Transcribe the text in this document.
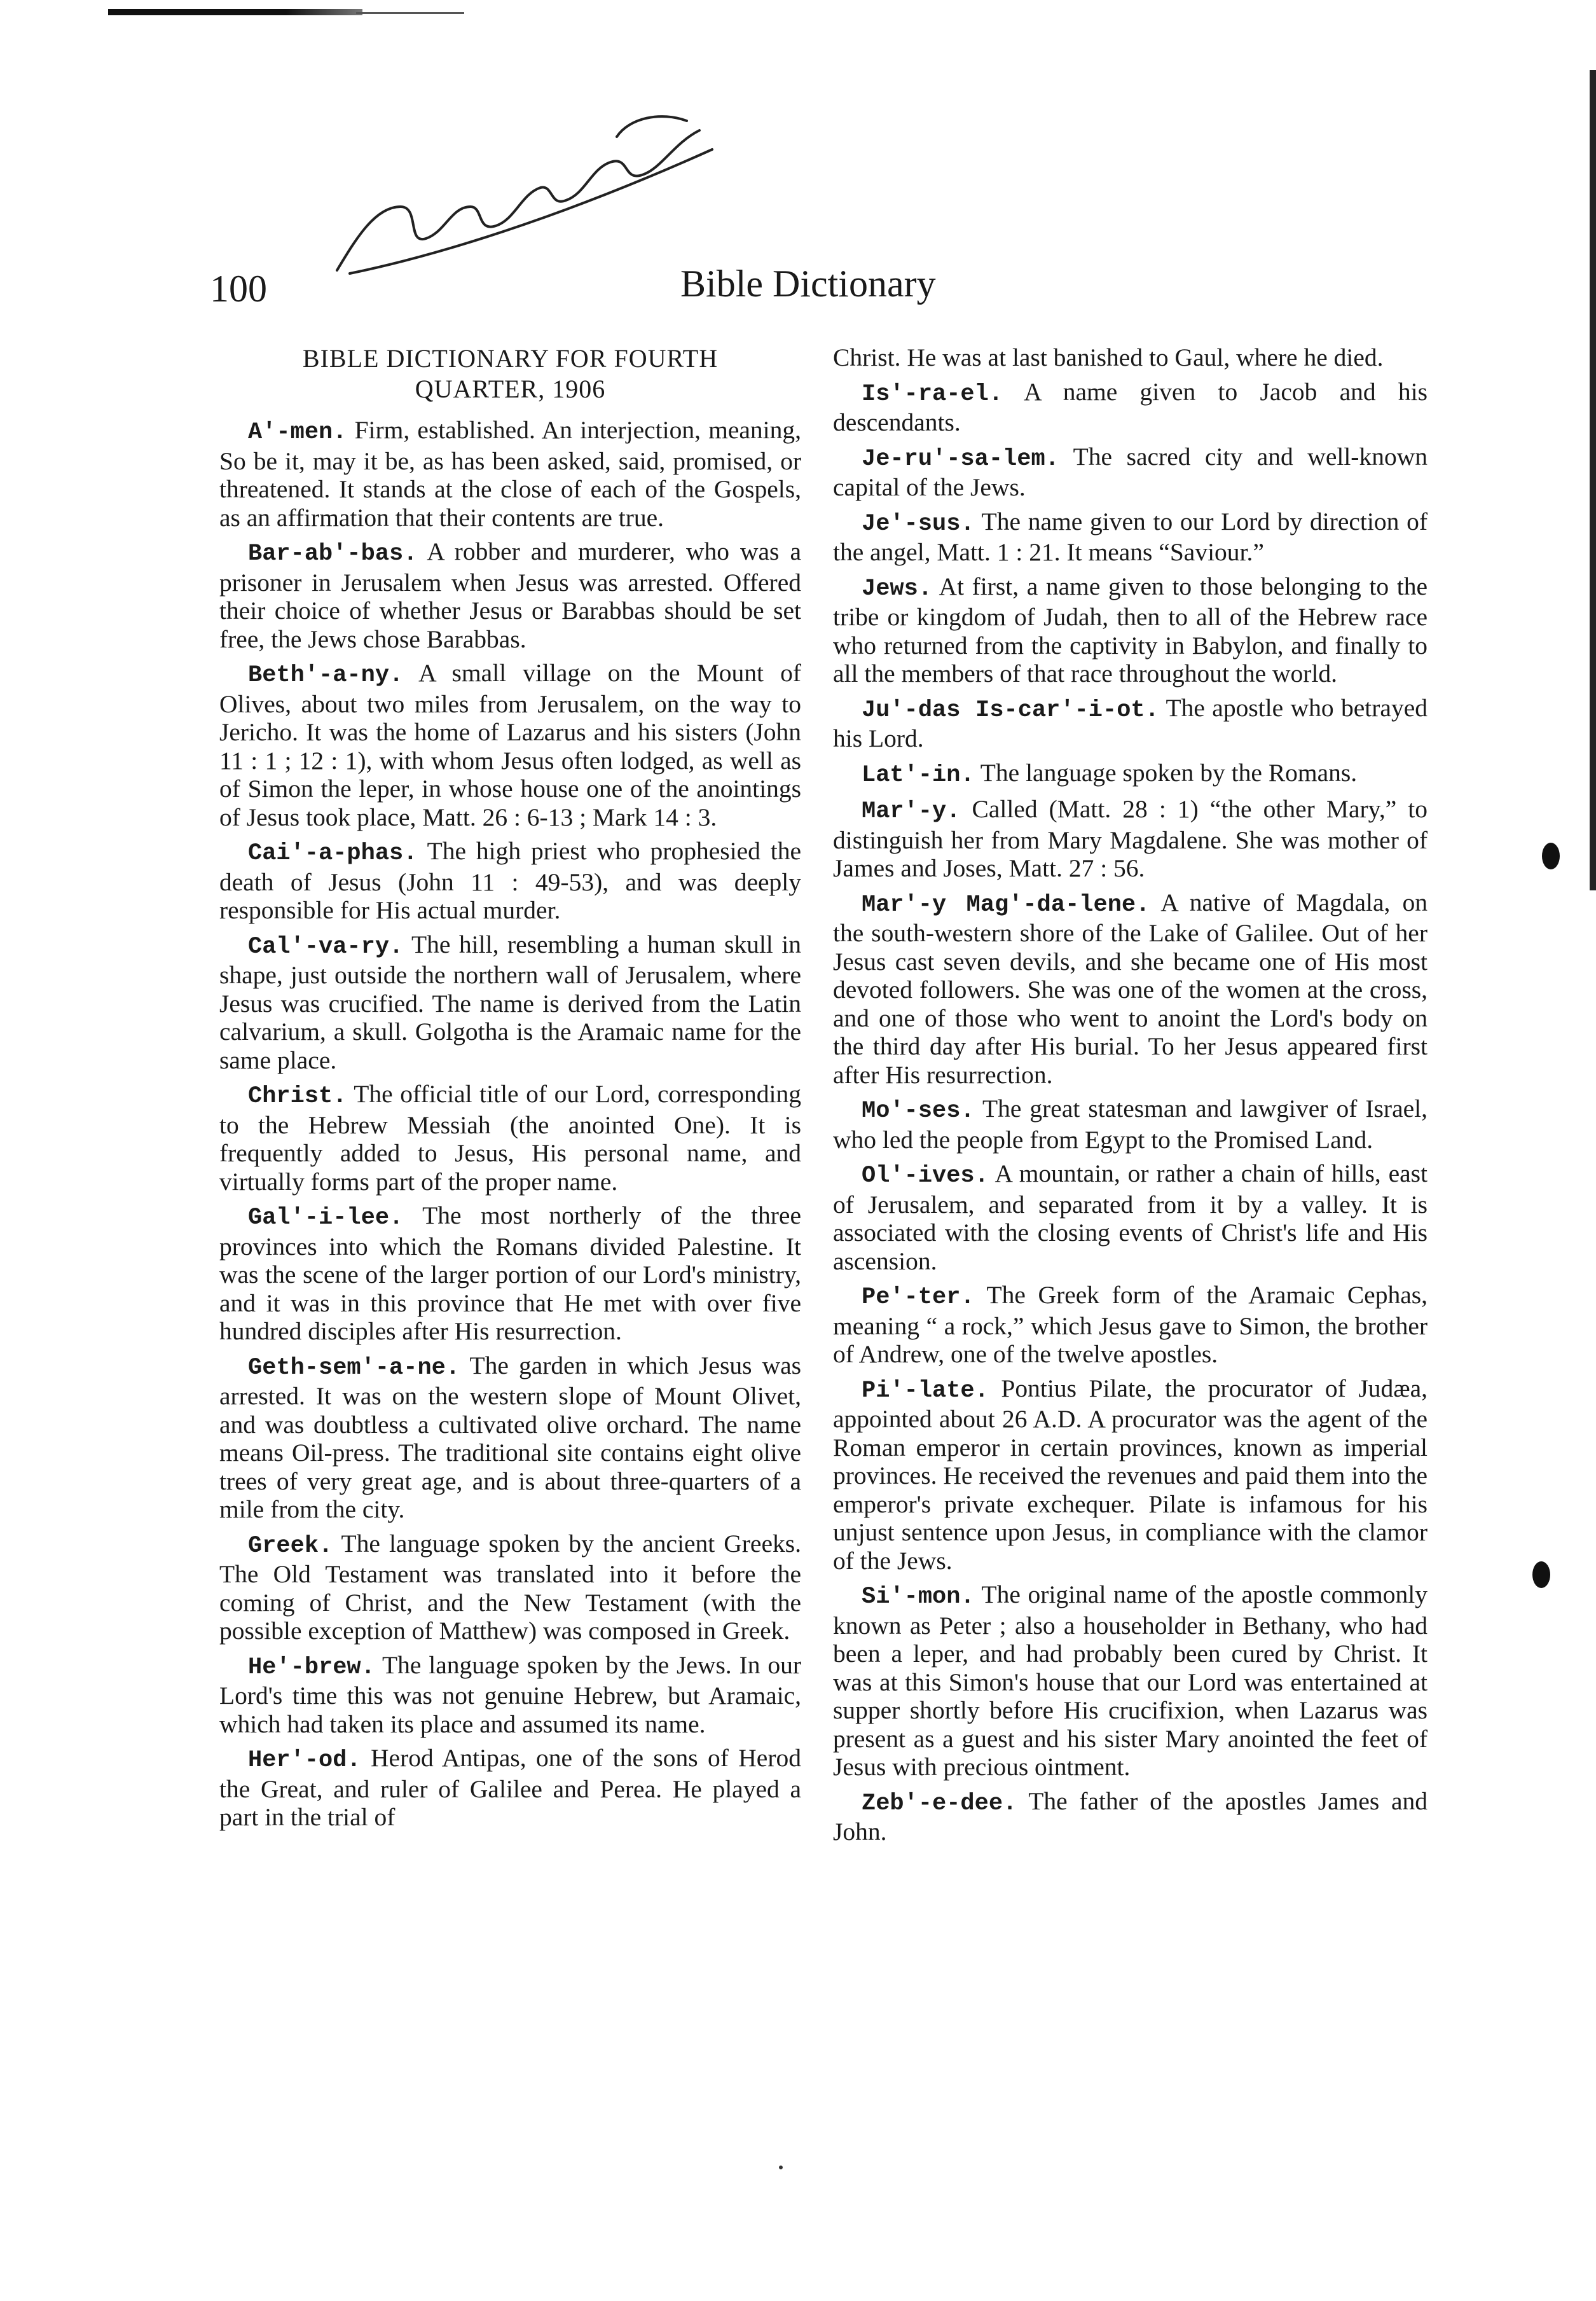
100	Bible Dictionary
BIBLE DICTIONARY FOR FOURTH
QUARTER, 1906

A′-men. Firm, established. An interjection, meaning, So be it, may it be, as has been asked, said, promised, or threatened. It stands at the close of each of the Gospels, as an affirmation that their contents are true.

Bar-ab′-bas. A robber and murderer, who was a prisoner in Jerusalem when Jesus was arrested. Offered their choice of whether Jesus or Barabbas should be set free, the Jews chose Barabbas.

Beth′-a-ny. A small village on the Mount of Olives, about two miles from Jerusalem, on the way to Jericho. It was the home of Lazarus and his sisters (John 11 : 1 ; 12 : 1), with whom Jesus often lodged, as well as of Simon the leper, in whose house one of the anointings of Jesus took place, Matt. 26 : 6-13 ; Mark 14 : 3.

Cai′-a-phas. The high priest who prophesied the death of Jesus (John 11 : 49-53), and was deeply responsible for His actual murder.

Cal′-va-ry. The hill, resembling a human skull in shape, just outside the northern wall of Jerusalem, where Jesus was crucified. The name is derived from the Latin calvarium, a skull. Golgotha is the Aramaic name for the same place.

Christ. The official title of our Lord, corresponding to the Hebrew Messiah (the anointed One). It is frequently added to Jesus, His personal name, and virtually forms part of the proper name.

Gal′-i-lee. The most northerly of the three provinces into which the Romans divided Palestine. It was the scene of the larger portion of our Lord's ministry, and it was in this province that He met with over five hundred disciples after His resurrection.

Geth-sem′-a-ne. The garden in which Jesus was arrested. It was on the western slope of Mount Olivet, and was doubtless a cultivated olive orchard. The name means Oil-press. The traditional site contains eight olive trees of very great age, and is about three-quarters of a mile from the city.

Greek. The language spoken by the ancient Greeks. The Old Testament was translated into it before the coming of Christ, and the New Testament (with the possible exception of Matthew) was composed in Greek.

He′-brew. The language spoken by the Jews. In our Lord's time this was not genuine Hebrew, but Aramaic, which had taken its place and assumed its name.

Her′-od. Herod Antipas, one of the sons of Herod the Great, and ruler of Galilee and Perea. He played a part in the trial of

Christ. He was at last banished to Gaul, where he died.

Is′-ra-el. A name given to Jacob and his descendants.

Je-ru′-sa-lem. The sacred city and well-known capital of the Jews.

Je′-sus. The name given to our Lord by direction of the angel, Matt. 1 : 21. It means “Saviour.”

Jews. At first, a name given to those belonging to the tribe or kingdom of Judah, then to all of the Hebrew race who returned from the captivity in Babylon, and finally to all the members of that race throughout the world.

Ju′-das Is-car′-i-ot. The apostle who betrayed his Lord.

Lat′-in. The language spoken by the Romans.

Mar′-y. Called (Matt. 28 : 1) “the other Mary,” to distinguish her from Mary Magdalene. She was mother of James and Joses, Matt. 27 : 56.

Mar′-y Mag′-da-lene. A native of Magdala, on the south-western shore of the Lake of Galilee. Out of her Jesus cast seven devils, and she became one of His most devoted followers. She was one of the women at the cross, and one of those who went to anoint the Lord's body on the third day after His burial. To her Jesus appeared first after His resurrection.

Mo′-ses. The great statesman and lawgiver of Israel, who led the people from Egypt to the Promised Land.

Ol′-ives. A mountain, or rather a chain of hills, east of Jerusalem, and separated from it by a valley. It is associated with the closing events of Christ's life and His ascension.

Pe′-ter. The Greek form of the Aramaic Cephas, meaning “ a rock,” which Jesus gave to Simon, the brother of Andrew, one of the twelve apostles.

Pi′-late. Pontius Pilate, the procurator of Judæa, appointed about 26 A.D. A procurator was the agent of the Roman emperor in certain provinces, known as imperial provinces. He received the revenues and paid them into the emperor's private exchequer. Pilate is infamous for his unjust sentence upon Jesus, in compliance with the clamor of the Jews.

Si′-mon. The original name of the apostle commonly known as Peter ; also a householder in Bethany, who had been a leper, and had probably been cured by Christ. It was at this Simon's house that our Lord was entertained at supper shortly before His crucifixion, when Lazarus was present as a guest and his sister Mary anointed the feet of Jesus with precious ointment.

Zeb′-e-dee. The father of the apostles James and John.
